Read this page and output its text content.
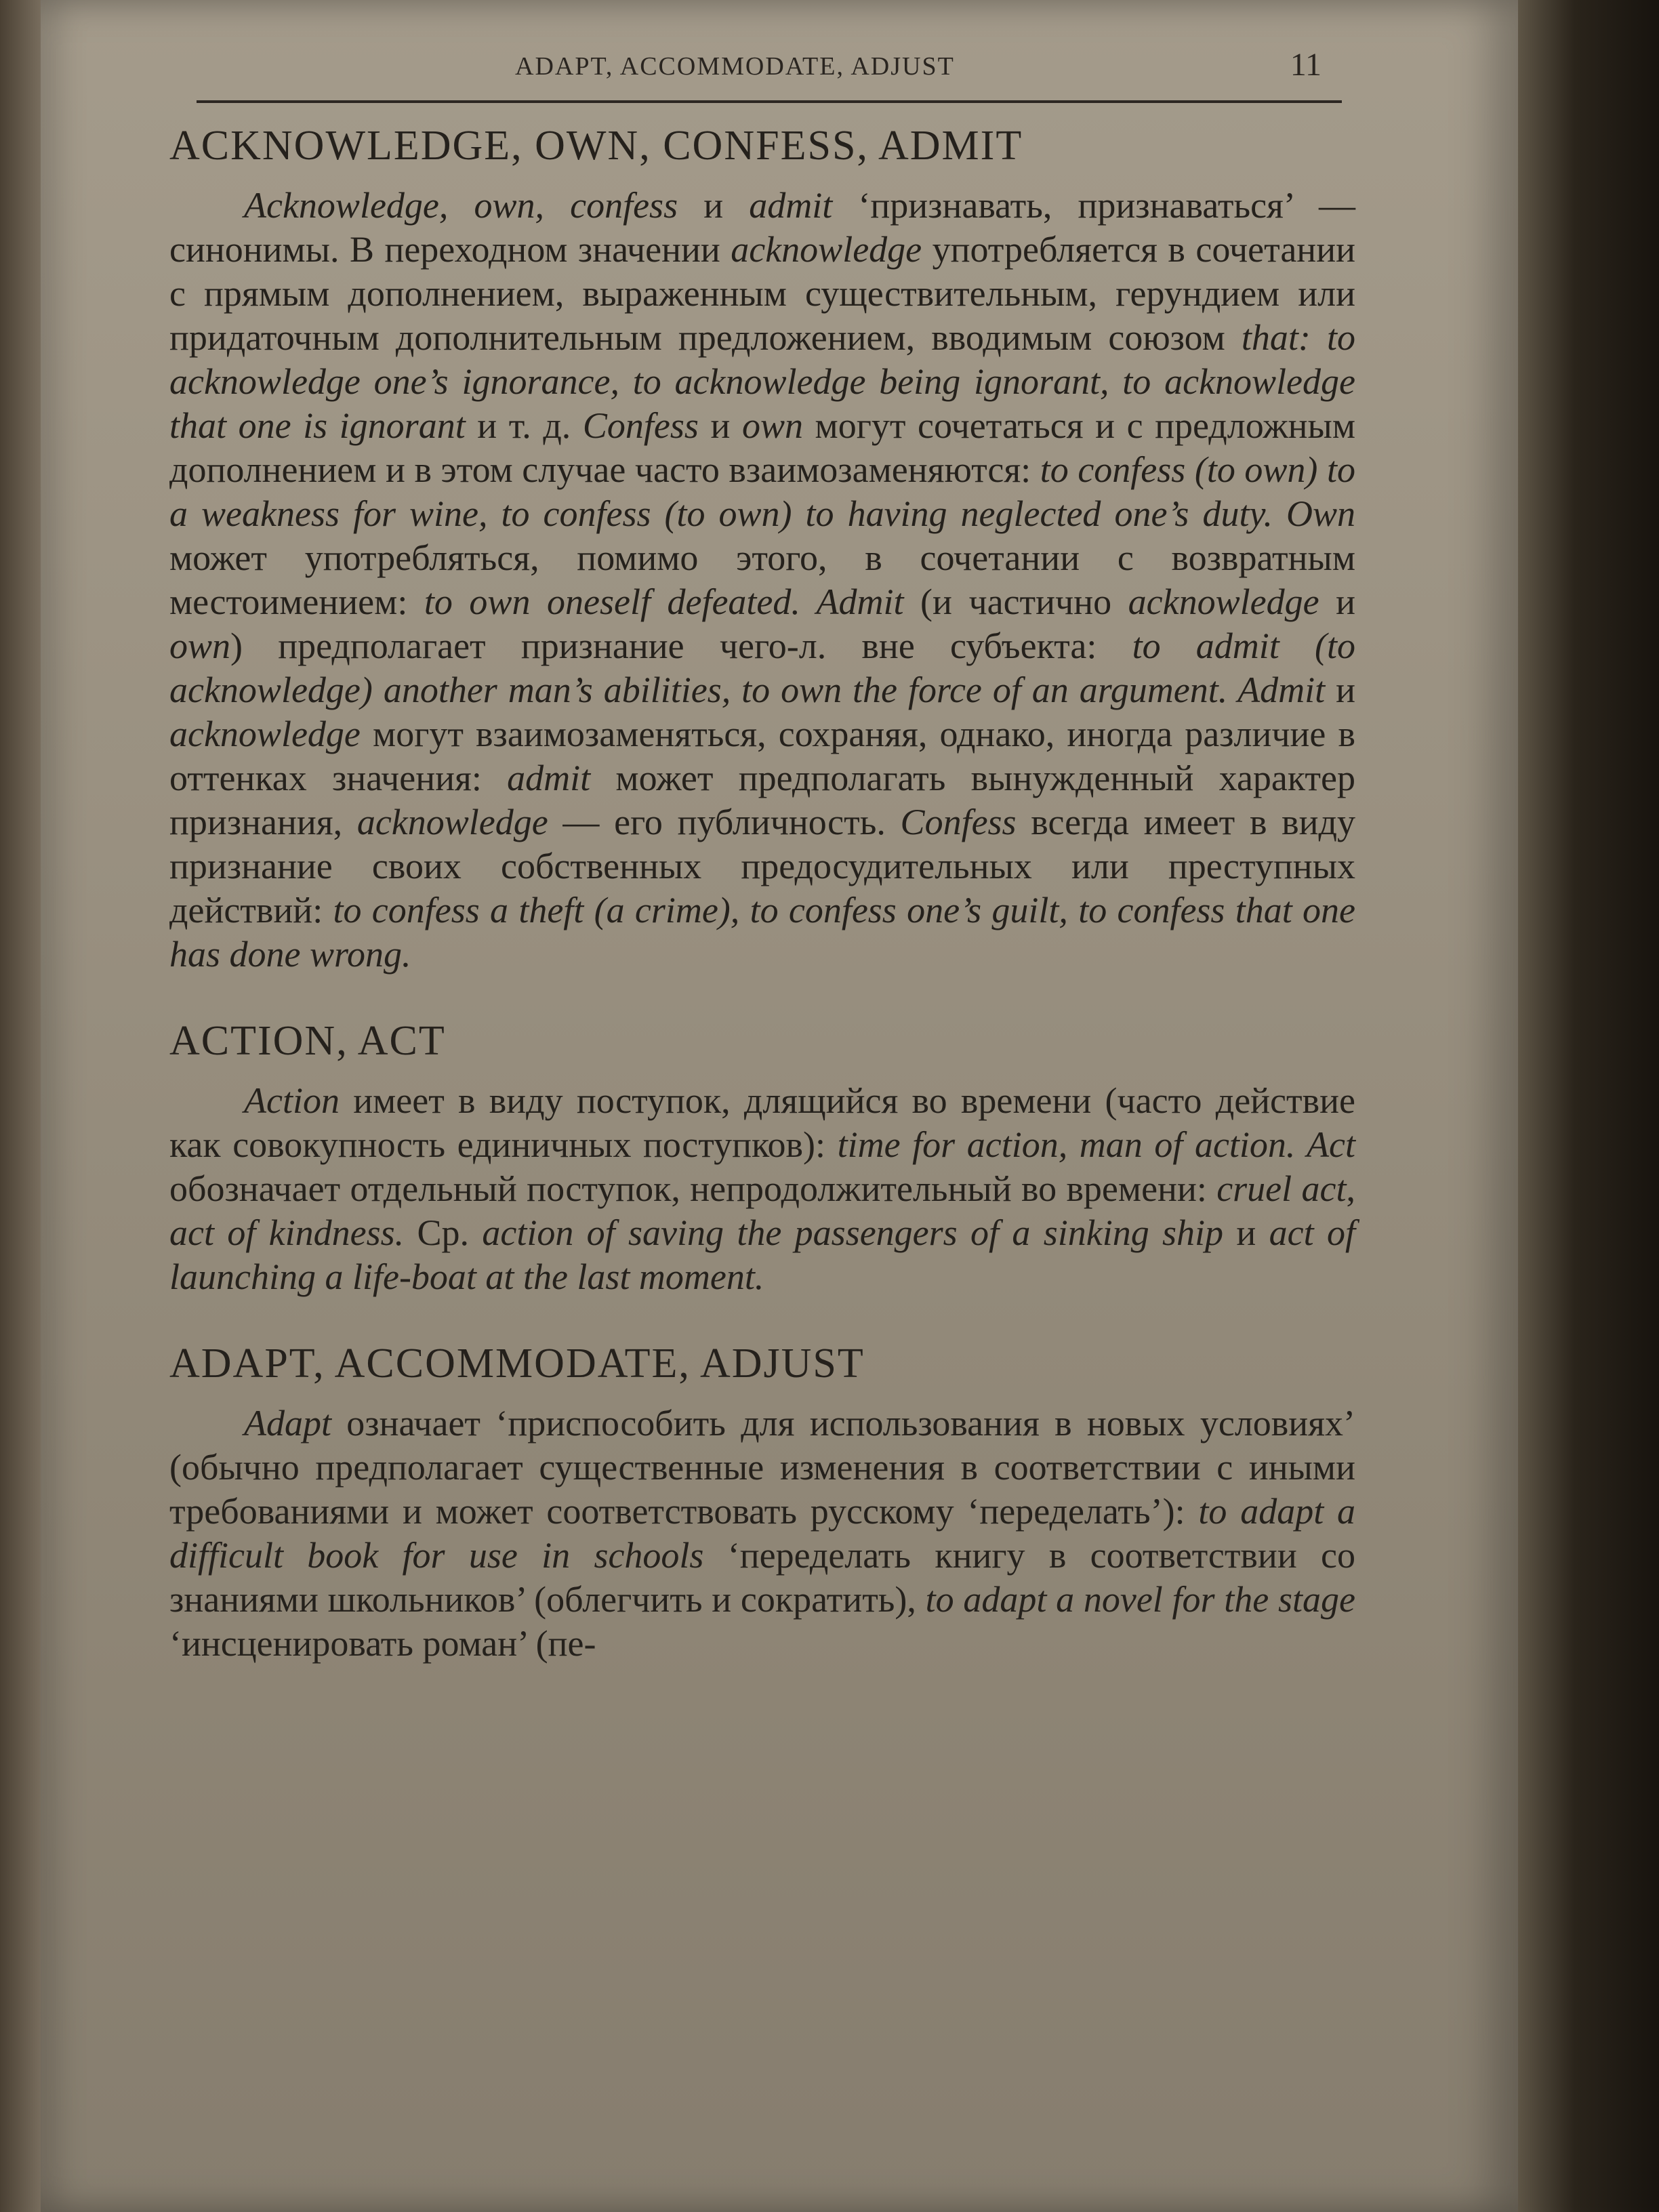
ADAPT, ACCOMMODATE, ADJUST	11
ACKNOWLEDGE, OWN, CONFESS, ADMIT

Acknowledge, own, confess и admit ‘признавать, признаваться’ — синонимы. В переходном значении acknowledge употребляется в сочетании с прямым дополнением, выраженным существительным, герундием или придаточным дополнительным предложением, вводимым союзом that: to acknowledge one’s ignorance, to acknowledge being ignorant, to acknowledge that one is ignorant и т. д. Confess и own могут сочетаться и с предложным дополнением и в этом случае часто взаимозаменяются: to confess (to own) to a weakness for wine, to confess (to own) to having neglected one’s duty. Own может употребляться, помимо этого, в сочетании с возвратным местоимением: to own oneself defeated. Admit (и частично acknowledge и own) предполагает признание чего-л. вне субъекта: to admit (to acknowledge) another man’s abilities, to own the force of an argument. Admit и acknowledge могут взаимозаменяться, сохраняя, однако, иногда различие в оттенках значения: admit может предполагать вынужденный характер признания, acknowledge — его публичность. Confess всегда имеет в виду признание своих собственных предосудительных или преступных действий: to confess a theft (a crime), to confess one’s guilt, to confess that one has done wrong.

ACTION, ACT

Action имеет в виду поступок, длящийся во времени (часто действие как совокупность единичных поступков): time for action, man of action. Act обозначает отдельный поступок, непродолжительный во времени: cruel act, act of kindness. Ср. action of saving the passengers of a sinking ship и act of launching a life-boat at the last moment.

ADAPT, ACCOMMODATE, ADJUST

Adapt означает ‘приспособить для использования в новых условиях’ (обычно предполагает существенные изменения в соответствии с иными требованиями и может соответствовать русскому ‘переделать’): to adapt a difficult book for use in schools ‘переделать книгу в соответствии со знаниями школьников’ (облегчить и сократить), to adapt a novel for the stage ‘инсценировать роман’ (пе-
